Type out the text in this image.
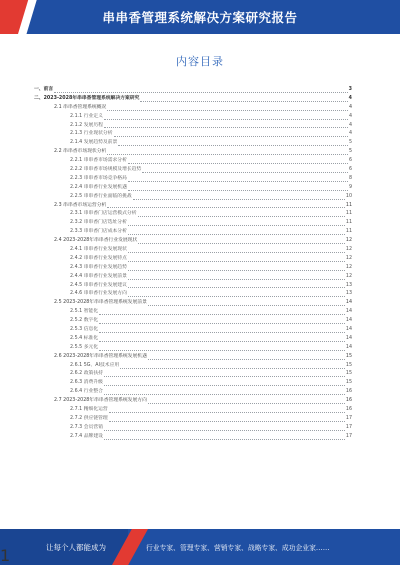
串串香管理系统解决方案研究报告
内容目录
一、前言	3
二、2023-2028年串串香管理系统解决方案研究	4
2.1 串串香管理系统概况	4
2.1.1 行业定义	4
2.1.2 发展历程	4
2.1.3 行业现状分析	4
2.1.4 发展趋势及前景	5
2.2 串串香市场现状分析	5
2.2.1 串串香市场需求分析	6
2.2.2 串串香市场规模及增长趋势	6
2.2.3 串串香市场竞争格局	8
2.2.4 串串香行业发展机遇	9
2.2.5 串串香行业面临的挑战	10
2.3 串串香市场运营分析	11
2.3.1 串串香门店运营模式分析	11
2.3.2 串串香门店选址分析	11
2.3.3 串串香门店成本分析	11
2.4 2023-2028年串串香行业发展现状	12
2.4.1 串串香行业发展现状	12
2.4.2 串串香行业发展特点	12
2.4.3 串串香行业发展趋势	12
2.4.4 串串香行业发展前景	12
2.4.5 串串香行业发展建议	13
2.4.6 串串香行业发展方向	13
2.5 2023-2028年串串香管理系统发展前景	14
2.5.1 智能化	14
2.5.2 数字化	14
2.5.3 信息化	14
2.5.4 标准化	14
2.5.5 多元化	14
2.6 2023-2028年串串香管理系统发展机遇	15
2.6.1 5G、AI技术应用	15
2.6.2 政策扶持	15
2.6.3 消费升级	15
2.6.4 行业整合	16
2.7 2023-2028年串串香管理系统发展方向	16
2.7.1 精细化运营	16
2.7.2 供应链管理	17
2.7.3 会员营销	17
2.7.4 品牌建设	17
让每个人都能成为	行业专家、管理专家、营销专家、战略专家、成功企业家……
1
